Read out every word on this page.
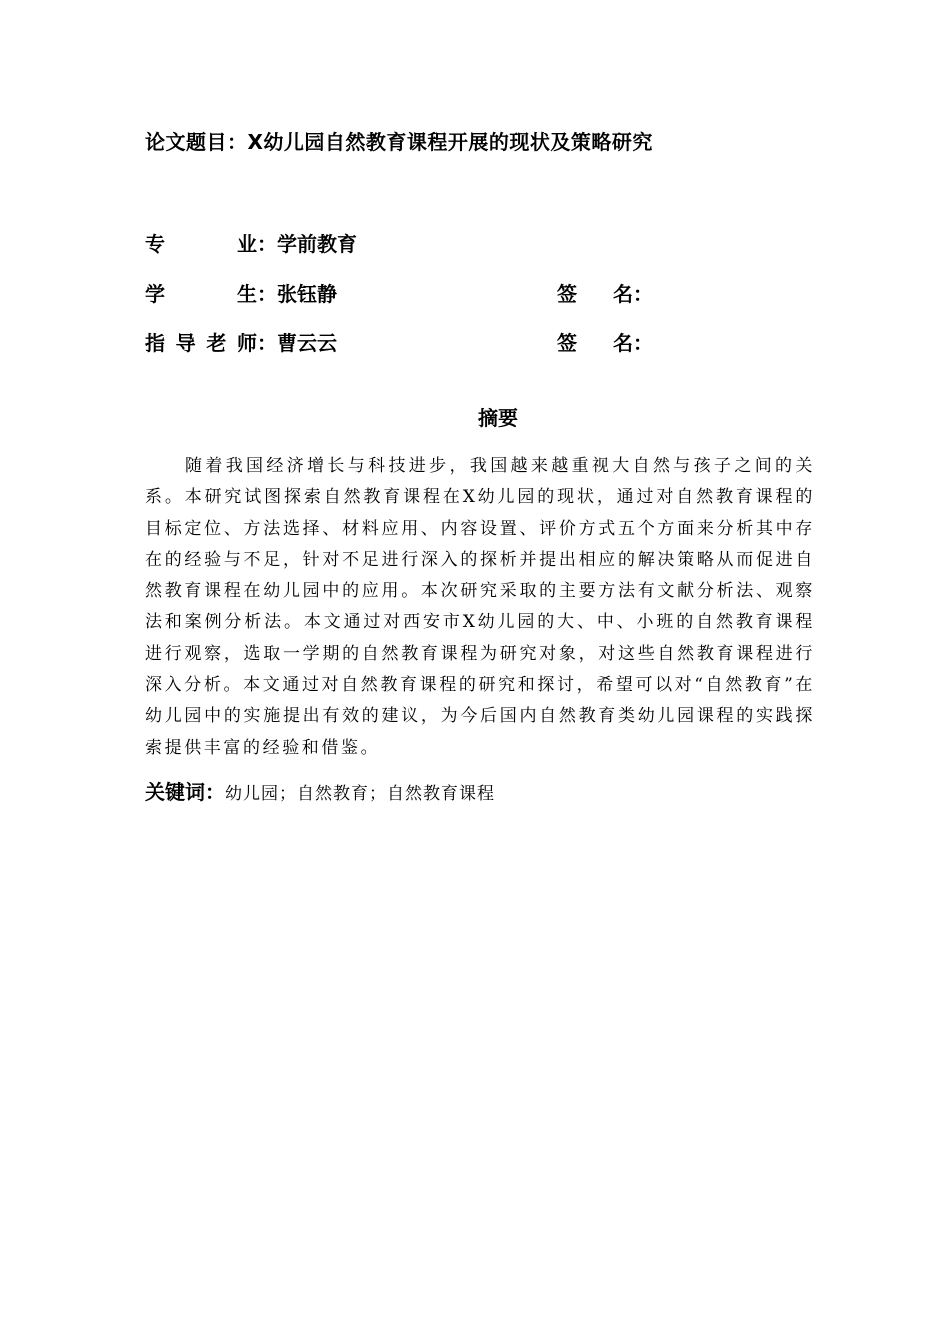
论文题目：X幼儿园自然教育课程开展的现状及策略研究
专业：学前教育
学生：张钰静	签名：
指导老师：曹云云	签名：
摘要

随着我国经济增长与科技进步，我国越来越重视大自然与孩子之间的关系。本研究试图探索自然教育课程在X幼儿园的现状，通过对自然教育课程的目标定位、方法选择、材料应用、内容设置、评价方式五个方面来分析其中存在的经验与不足，针对不足进行深入的探析并提出相应的解决策略从而促进自然教育课程在幼儿园中的应用。本次研究采取的主要方法有文献分析法、观察法和案例分析法。本文通过对西安市X幼儿园的大、中、小班的自然教育课程进行观察，选取一学期的自然教育课程为研究对象，对这些自然教育课程进行深入分析。本文通过对自然教育课程的研究和探讨，希望可以对“自然教育”在幼儿园中的实施提出有效的建议，为今后国内自然教育类幼儿园课程的实践探索提供丰富的经验和借鉴。

关键词：幼儿园；自然教育；自然教育课程
